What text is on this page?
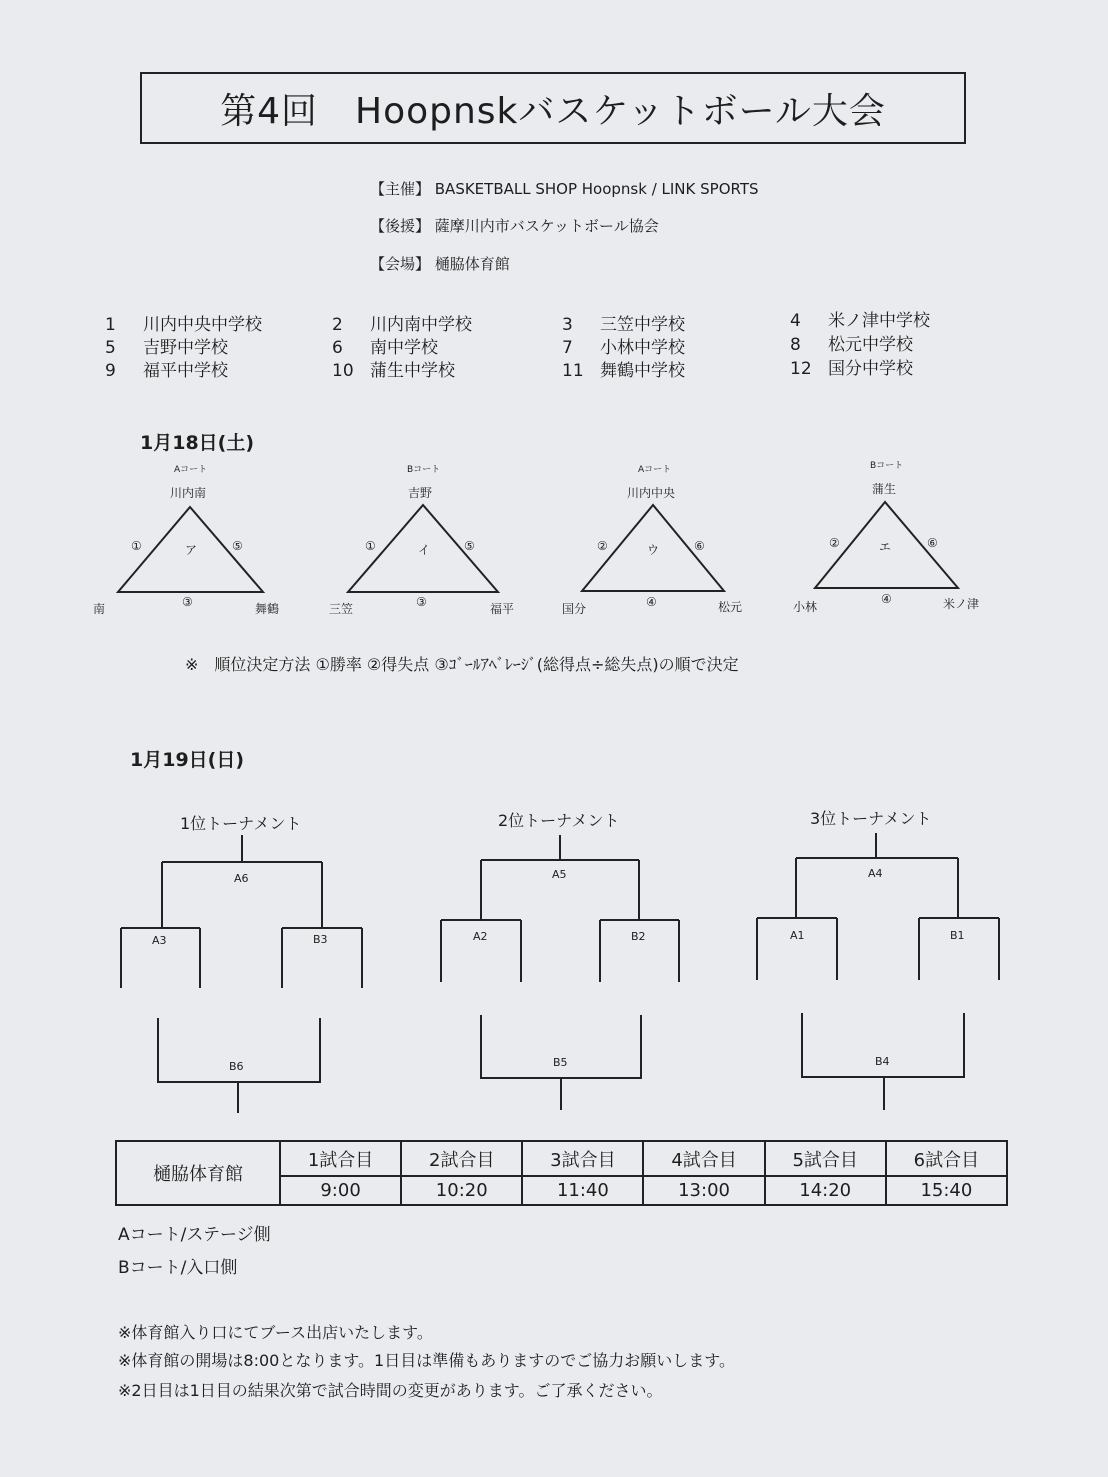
第4回　Hoopnskバスケットボール大会
【主催】 BASKETBALL SHOP Hoopnsk / LINK SPORTS
【後援】 薩摩川内市バスケットボール協会
【会場】 樋脇体育館
1 川内中央中学校	2 川内南中学校	3 三笠中学校	4 米ノ津中学校
5 吉野中学校	6 南中学校	7 小林中学校	8 松元中学校
9 福平中学校	10 蒲生中学校	11 舞鶴中学校	12 国分中学校
1月18日(土)
Aコート
川内南
ア
①	⑤
③
南	舞鶴
Bコート
吉野
イ
①	⑤
③
三笠	福平
Aコート
川内中央
ウ
②	⑥
④
国分	松元
Bコート
蒲生
エ
②	⑥
④
小林	米ノ津
※　順位決定方法 ①勝率 ②得失点 ③ｺﾞｰﾙｱﾍﾞﾚｰｼﾞ(総得点÷総失点)の順で決定
1月19日(日)
1位トーナメント	2位トーナメント	3位トーナメント
A6
A3	B3
B6
A5
A2	B2
B5
A4
A1	B1
B4
樋脇体育館	1試合目	2試合目	3試合目	4試合目	5試合目	6試合目
	9:00	10:20	11:40	13:00	14:20	15:40
Aコート/ステージ側
Bコート/入口側
※体育館入り口にてブース出店いたします。
※体育館の開場は8:00となります。1日目は準備もありますのでご協力お願いします。
※2日目は1日目の結果次第で試合時間の変更があります。ご了承ください。
